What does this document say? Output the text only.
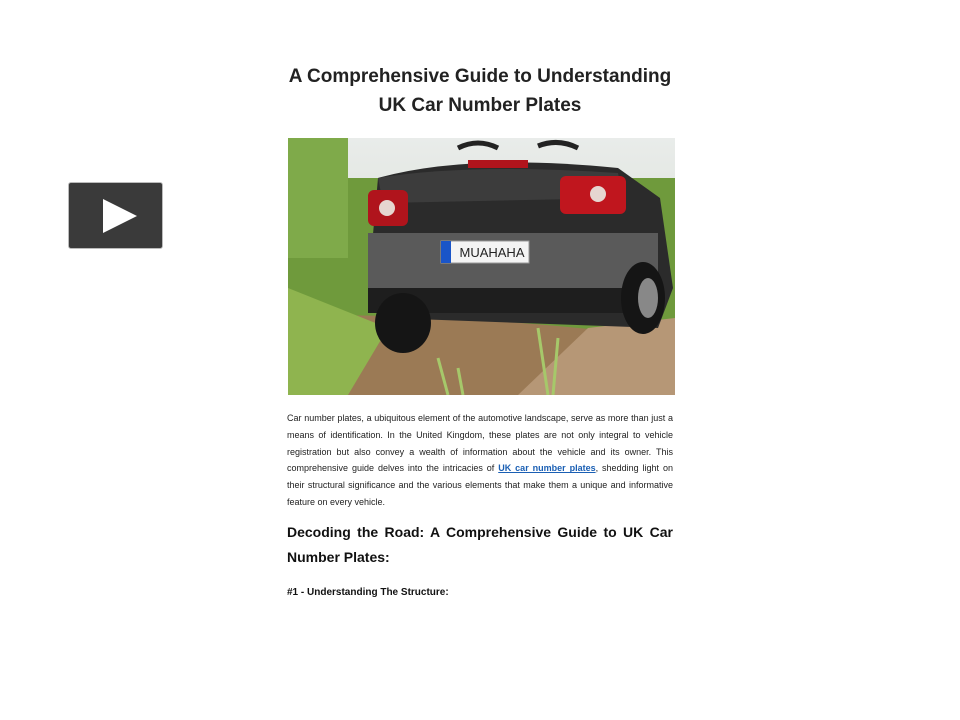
A Comprehensive Guide to Understanding
UK Car Number Plates
MUAHAHA
Car number plates, a ubiquitous element of the automotive landscape, serve as more than just a means of identification. In the United Kingdom, these plates are not only integral to vehicle registration but also convey a wealth of information about the vehicle and its owner. This comprehensive guide delves into the intricacies of UK car number plates, shedding light on their structural significance and the various elements that make them a unique and informative feature on every vehicle.
Decoding the Road: A Comprehensive Guide to UK Car Number Plates:
#1 - Understanding The Structure:
